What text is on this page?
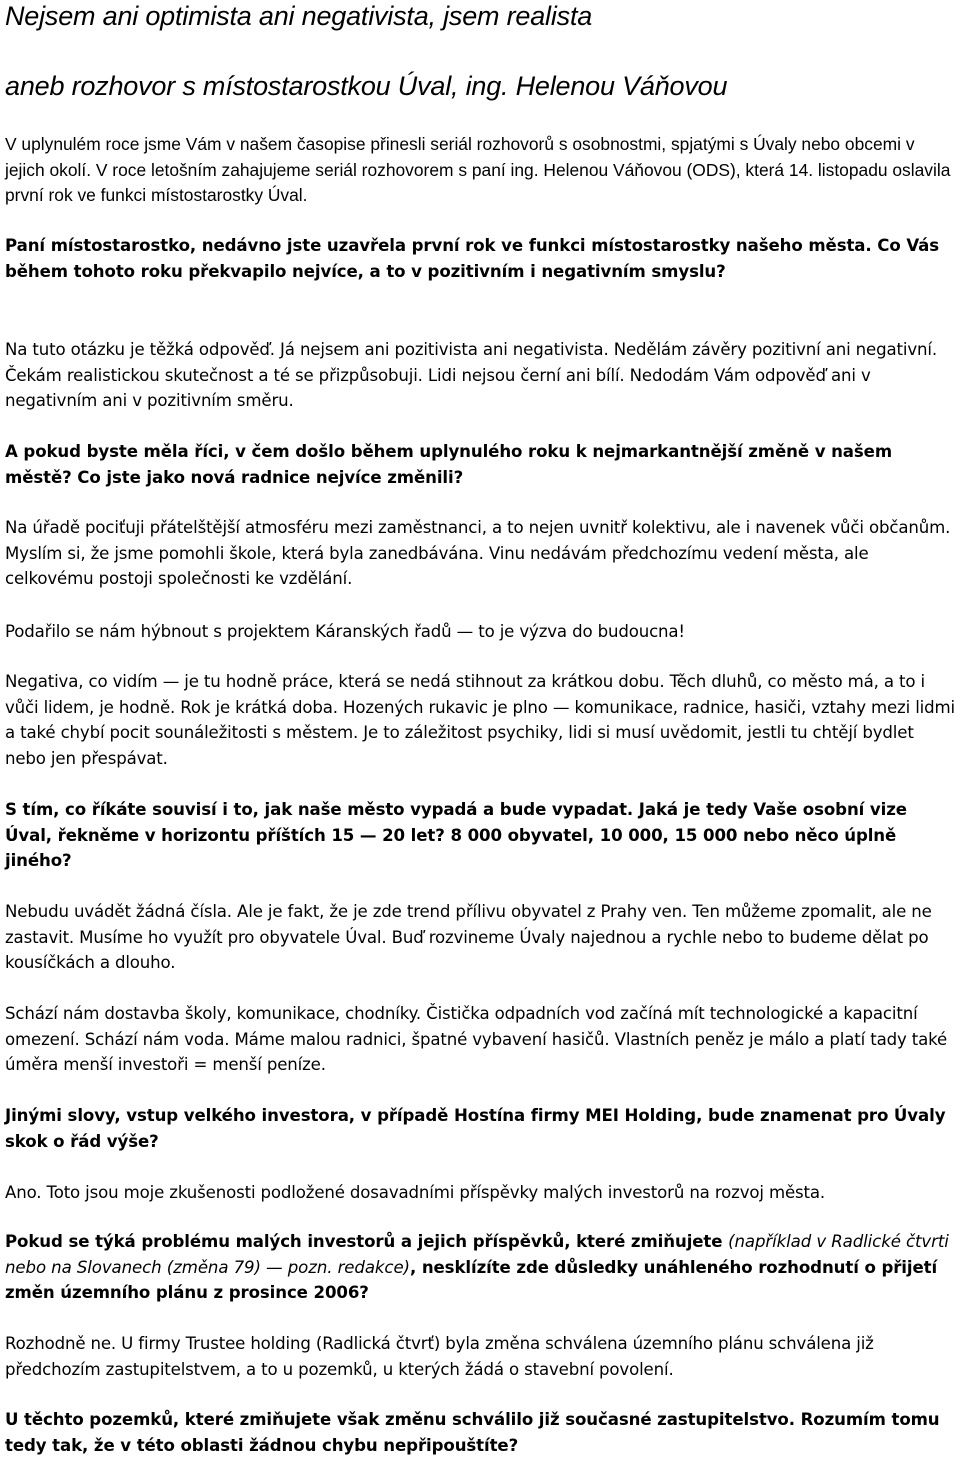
Nejsem ani optimista ani negativista, jsem realista
aneb rozhovor s místostarostkou Úval, ing. Helenou Váňovou

V uplynulém roce jsme Vám v našem časopise přinesli seriál rozhovorů s osobnostmi, spjatými s Úvaly nebo obcemi v jejich okolí. V roce letošním zahajujeme seriál rozhovorem s paní ing. Helenou Váňovou (ODS), která 14. listopadu oslavila první rok ve funkci místostarostky Úval.

Paní místostarostko, nedávno jste uzavřela první rok ve funkci místostarostky našeho města. Co Vás během tohoto roku překvapilo nejvíce, a to v pozitivním i negativním smyslu?

Na tuto otázku je těžká odpověď. Já nejsem ani pozitivista ani negativista. Nedělám závěry pozitivní ani negativní. Čekám realistickou skutečnost a té se přizpůsobuji. Lidi nejsou černí ani bílí. Nedodám Vám odpověď ani v negativním ani v pozitivním směru.

A pokud byste měla říci, v čem došlo během uplynulého roku k nejmarkantnější změně v našem městě? Co jste jako nová radnice nejvíce změnili?

Na úřadě pociťuji přátelštější atmosféru mezi zaměstnanci, a to nejen uvnitř kolektivu, ale i navenek vůči občanům. Myslím si, že jsme pomohli škole, která byla zanedbávána. Vinu nedávám předchozímu vedení města, ale celkovému postoji společnosti ke vzdělání.

Podařilo se nám hýbnout s projektem Káranských řadů — to je výzva do budoucna!

Negativa, co vidím — je tu hodně práce, která se nedá stihnout za krátkou dobu. Těch dluhů, co město má, a to i vůči lidem, je hodně. Rok je krátká doba. Hozených rukavic je plno — komunikace, radnice, hasiči, vztahy mezi lidmi a také chybí pocit sounáležitosti s městem. Je to záležitost psychiky, lidi si musí uvědomit, jestli tu chtějí bydlet nebo jen přespávat.

S tím, co říkáte souvisí i to, jak naše město vypadá a bude vypadat. Jaká je tedy Vaše osobní vize Úval, řekněme v horizontu příštích 15 — 20 let? 8 000 obyvatel, 10 000, 15 000 nebo něco úplně jiného?

Nebudu uvádět žádná čísla. Ale je fakt, že je zde trend přílivu obyvatel z Prahy ven. Ten můžeme zpomalit, ale ne zastavit. Musíme ho využít pro obyvatele Úval. Buď rozvineme Úvaly najednou a rychle nebo to budeme dělat po kousíčkách a dlouho.

Schází nám dostavba školy, komunikace, chodníky. Čistička odpadních vod začíná mít technologické a kapacitní omezení. Schází nám voda. Máme malou radnici, špatné vybavení hasičů. Vlastních peněz je málo a platí tady také úměra menší investoři = menší peníze.

Jinými slovy, vstup velkého investora, v případě Hostína firmy MEI Holding, bude znamenat pro Úvaly skok o řád výše?

Ano. Toto jsou moje zkušenosti podložené dosavadními příspěvky malých investorů na rozvoj města.

Pokud se týká problému malých investorů a jejich příspěvků, které zmiňujete (například v Radlické čtvrti nebo na Slovanech (změna 79) — pozn. redakce), nesklízíte zde důsledky unáhleného rozhodnutí o přijetí změn územního plánu z prosince 2006?

Rozhodně ne. U firmy Trustee holding (Radlická čtvrť) byla změna schválena územního plánu schválena již předchozím zastupitelstvem, a to u pozemků, u kterých žádá o stavební povolení.

U těchto pozemků, které zmiňujete však změnu schválilo již současné zastupitelstvo. Rozumím tomu tedy tak, že v této oblasti žádnou chybu nepřipouštíte?
